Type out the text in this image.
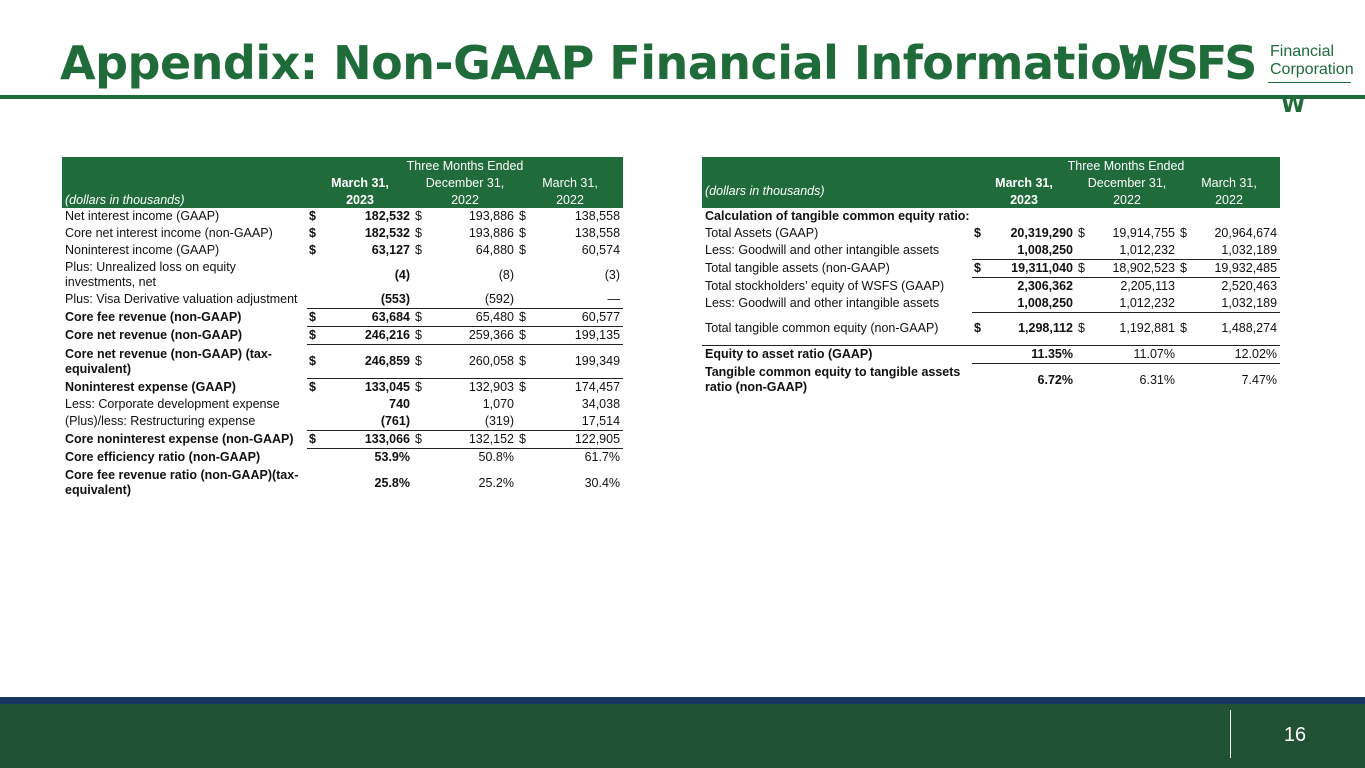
Appendix: Non-GAAP Financial Information
WSFS Financial
Corporation
W
	Three Months Ended					
	March 31,		December 31,		March 31,	
(dollars in thousands)	2023		2022		2022	
Net interest income (GAAP)	$	182,532	$	193,886	$	138,558
Core net interest income (non-GAAP)	$	182,532	$	193,886	$	138,558
Noninterest income (GAAP)	$	63,127	$	64,880	$	60,574
Plus: Unrealized loss on equity investments, net		(4)		(8)		(3)
Plus: Visa Derivative valuation adjustment		(553)		(592)		—
Core fee revenue (non-GAAP)	$	63,684	$	65,480	$	60,577
Core net revenue (non-GAAP)	$	246,216	$	259,366	$	199,135
Core net revenue (non-GAAP) (tax-equivalent)	$	246,859	$	260,058	$	199,349
Noninterest expense (GAAP)	$	133,045	$	132,903	$	174,457
Less: Corporate development expense		740		1,070		34,038
(Plus)/less: Restructuring expense		(761)		(319)		17,514
Core noninterest expense (non-GAAP)	$	133,066	$	132,152	$	122,905
Core efficiency ratio (non-GAAP)		53.9%		50.8%		61.7%
Core fee revenue ratio (non-GAAP)(tax-equivalent)		25.8%		25.2%		30.4%
	Three Months Ended					
(dollars in thousands)	March 31,		December 31,		March 31,	
	2023		2022		2022	
Calculation of tangible common equity ratio:						
Total Assets (GAAP)	$	20,319,290	$	19,914,755	$	20,964,674
Less: Goodwill and other intangible assets		1,008,250		1,012,232		1,032,189
Total tangible assets (non-GAAP)	$	19,311,040	$	18,902,523	$	19,932,485
Total stockholders’ equity of WSFS (GAAP)		2,306,362		2,205,113		2,520,463
Less: Goodwill and other intangible assets		1,008,250		1,012,232		1,032,189
Total tangible common equity (non-GAAP)	$	1,298,112	$	1,192,881	$	1,488,274
Equity to asset ratio (GAAP)		11.35%		11.07%		12.02%
Tangible common equity to tangible assets ratio (non-GAAP)		6.72%		6.31%		7.47%
16
